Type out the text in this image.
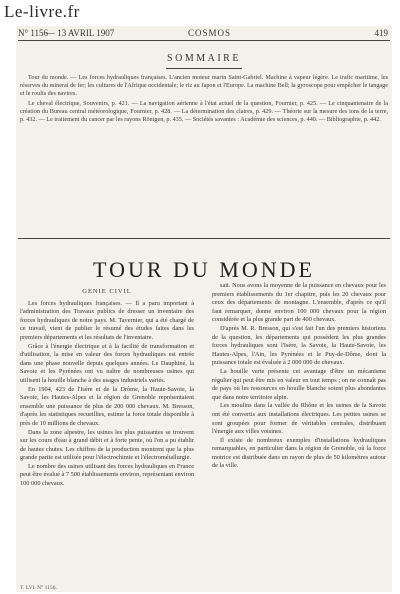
Le-livre.fr
N° 1156
— 13 AVRIL 1907	COSMOS	419
SOMMAIRE

Tour du monde. — Les forces hydrauliques françaises. L'ancien moteur marin Saint-Gabriel. Machine à vapeur légère. Le trafic maritime, les réserves du minerai de fer; les cultures de l'Afrique occidentale; le riz au Japon et l'Europe. La machine Bell; la gyroscope pour empêcher le tangage et le roulis des navires.

Le cheval électrique, Souvenirs, p. 421. — La navigation aérienne à l'état actuel de la question, Fournier, p. 425. — Le cinquantenaire de la création du Bureau central météorologique, Fournier, p. 428. — La détermination des claires, p. 429. — Théorie sur la mesure des ions de la terre, p. 432. — Le traitement du cancer par les rayons Röntgen, p. 435. — Sociétés savantes : Académie des sciences, p. 440. — Bibliographie, p. 442.

TOUR DU MONDE
GÉNIE CIVIL

Les forces hydrauliques françaises. — Il a paru important à l'administration des Travaux publics de dresser un inventaire des forces hydrauliques de notre pays. M. Tavernier, qui a été chargé de ce travail, vient de publier le résumé des études faites dans les premiers départements et les résultats de l'inventaire.

Grâce à l'énergie électrique et à la facilité de transformation et d'utilisation, la mise en valeur des forces hydrauliques est entrée dans une phase nouvelle depuis quelques années. Le Dauphiné, la Savoie et les Pyrénées ont vu naître de nombreuses usines qui utilisent la houille blanche à des usages industriels variés.

En 1904, 423 de l'Isère et de la Drôme, la Haute-Savoie, la Savoie, les Hautes-Alpes et la région de Grenoble représentaient ensemble une puissance de plus de 200 000 chevaux. M. Bresson, d'après les statistiques recueillies, estime la force totale disponible à près de 10 millions de chevaux.

Dans la zone alpestre, les usines les plus puissantes se trouvent sur les cours d'eau à grand débit et à forte pente, où l'on a pu établir de hautes chutes. Les chiffres de la production montrent que la plus grande partie est utilisée pour l'électrochimie et l'électrométallurgie.

Le nombre des usines utilisant des forces hydrauliques en France peut être évalué à 7 500 établissements environ, représentant environ 100 000 chevaux.

sait. Nous avons la moyenne de la puissance en chevaux pour les premiers établissements du 1er chapitre, puis les 20 chevaux pour ceux des départements de montagne. L'ensemble, d'après ce qu'il faut remarquer, donne environ 100 000 chevaux pour la région considérée et la plus grande part de 400 chevaux.

D'après M. R. Bresson, qui s'est fait l'un des premiers historiens de la question, les départements qui possèdent les plus grandes forces hydrauliques sont l'Isère, la Savoie, la Haute-Savoie, les Hautes-Alpes, l'Ain, les Pyrénées et le Puy-de-Dôme, dont la puissance totale est évaluée à 2 000 000 de chevaux.

La houille verte présente cet avantage d'être un mécanisme régulier qui peut être mis en valeur en tout temps ; on ne connaît pas de pays où les ressources en houille blanche soient plus abondantes que dans notre territoire alpin.

Les moulins dans la vallée du Rhône et les usines de la Savoie ont été convertis aux installations électriques. Les petites usines se sont groupées pour former de véritables centrales, distribuant l'énergie aux villes voisines.

Il existe de nombreux exemples d'installations hydrauliques remarquables, en particulier dans la région de Grenoble, où la force motrice est distribuée dans un rayon de plus de 50 kilomètres autour de la ville.

T. LVI. N° 1156.
